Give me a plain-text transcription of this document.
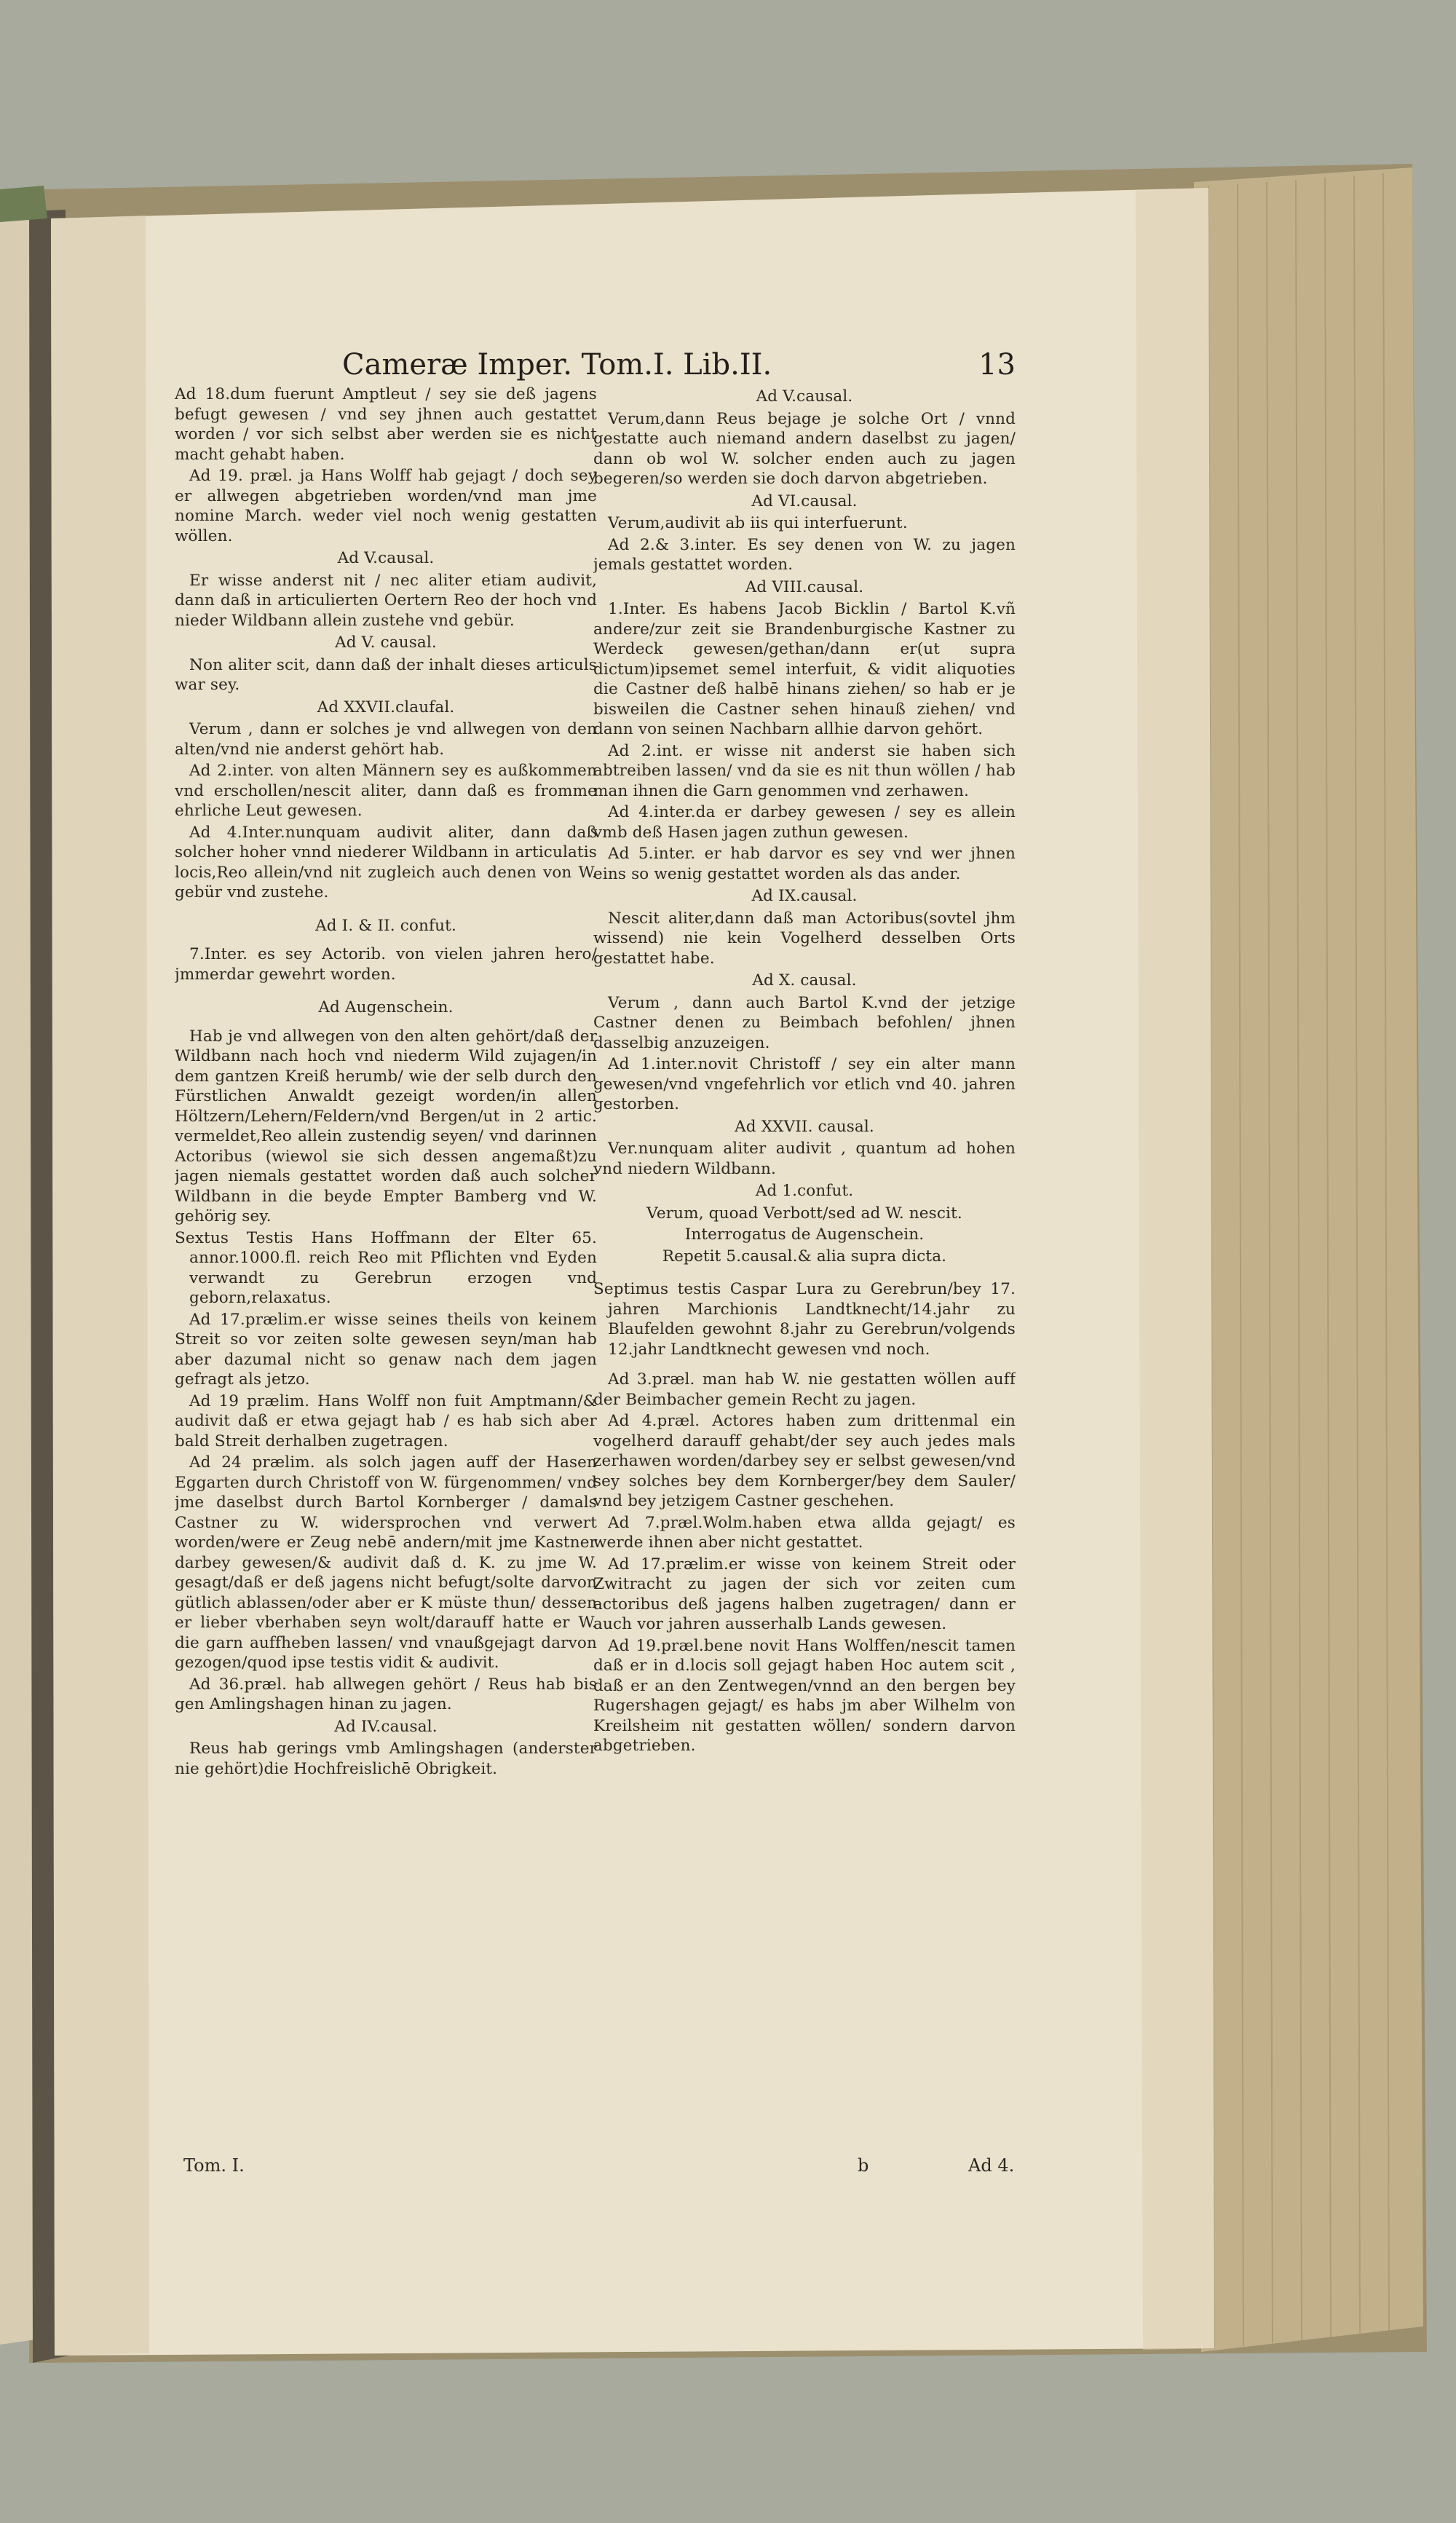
Cameræ Imper. Tom.I. Lib.II.	13

Ad 18.dum fuerunt Amptleut / sey sie deß jagens befugt gewesen / vnd sey jhnen auch gestattet worden / vor sich selbst aber werden sie es nicht macht gehabt haben.

Ad 19. præl. ja Hans Wolff hab gejagt / doch sey er allwegen abgetrieben worden/vnd man jme nomine March. weder viel noch wenig gestatten wöllen.

Ad V.causal.

Er wisse anderst nit / nec aliter etiam audivit, dann daß in articulierten Oertern Reo der hoch vnd nieder Wildbann allein zustehe vnd gebür.

Ad V. causal.

Non aliter scit, dann daß der inhalt dieses articuls war sey.

Ad XXVII.claufal.

Verum , dann er solches je vnd allwegen von den alten/vnd nie anderst gehört hab.

Ad 2.inter. von alten Männern sey es außkommen vnd erschollen/nescit aliter, dann daß es fromme ehrliche Leut gewesen.

Ad 4.Inter.nunquam audivit aliter, dann daß solcher hoher vnnd niederer Wildbann in articulatis locis,Reo allein/vnd nit zugleich auch denen von W. gebür vnd zustehe.

Ad I. & II. confut.

7.Inter. es sey Actorib. von vielen jahren hero/ jmmerdar gewehrt worden.

Ad Augenschein.

Hab je vnd allwegen von den alten gehört/daß der Wildbann nach hoch vnd niederm Wild zujagen/in dem gantzen Kreiß herumb/ wie der selb durch den Fürstlichen Anwaldt gezeigt worden/in allen Höltzern/Lehern/Feldern/vnd Bergen/ut in 2 artic. vermeldet,Reo allein zustendig seyen/ vnd darinnen Actoribus (wiewol sie sich dessen angemaßt)zu jagen niemals gestattet worden daß auch solcher Wildbann in die beyde Empter Bamberg vnd W. gehörig sey.

Sextus Testis Hans Hoffmann der Elter 65. annor.1000.fl. reich Reo mit Pflichten vnd Eyden verwandt zu Gerebrun erzogen vnd geborn,relaxatus.

Ad 17.prælim.er wisse seines theils von keinem Streit so vor zeiten solte gewesen seyn/man hab aber dazumal nicht so genaw nach dem jagen gefragt als jetzo.

Ad 19 prælim. Hans Wolff non fuit Amptmann/& audivit daß er etwa gejagt hab / es hab sich aber bald Streit derhalben zugetragen.

Ad 24 prælim. als solch jagen auff der Hasen Eggarten durch Christoff von W. fürgenommen/ vnd jme daselbst durch Bartol Kornberger / damals Castner zu W. widersprochen vnd verwert worden/were er Zeug nebē andern/mit jme Kastner darbey gewesen/& audivit daß d. K. zu jme W. gesagt/daß er deß jagens nicht befugt/solte darvon gütlich ablassen/oder aber er K müste thun/ dessen er lieber vberhaben seyn wolt/darauff hatte er W. die garn auffheben lassen/ vnd vnaußgejagt darvon gezogen/quod ipse testis vidit & audivit.

Ad 36.præl. hab allwegen gehört / Reus hab bis gen Amlingshagen hinan zu jagen.

Ad IV.causal.

Reus hab gerings vmb Amlingshagen (anderster nie gehört)die Hochfreislichē Obrigkeit.

Ad V.causal.

Verum,dann Reus bejage je solche Ort / vnnd gestatte auch niemand andern daselbst zu jagen/ dann ob wol W. solcher enden auch zu jagen begeren/so werden sie doch darvon abgetrieben.

Ad VI.causal.

Verum,audivit ab iis qui interfuerunt.

Ad 2.& 3.inter. Es sey denen von W. zu jagen jemals gestattet worden.

Ad VIII.causal.

1.Inter. Es habens Jacob Bicklin / Bartol K.vñ andere/zur zeit sie Brandenburgische Kastner zu Werdeck gewesen/gethan/dann er(ut supra dictum)ipsemet semel interfuit, & vidit aliquoties die Castner deß halbē hinans ziehen/ so hab er je bisweilen die Castner sehen hinauß ziehen/ vnd dann von seinen Nachbarn allhie darvon gehört.

Ad 2.int. er wisse nit anderst sie haben sich abtreiben lassen/ vnd da sie es nit thun wöllen / hab man ihnen die Garn genommen vnd zerhawen.

Ad 4.inter.da er darbey gewesen / sey es allein vmb deß Hasen jagen zuthun gewesen.

Ad 5.inter. er hab darvor es sey vnd wer jhnen eins so wenig gestattet worden als das ander.

Ad IX.causal.

Nescit aliter,dann daß man Actoribus(sovtel jhm wissend) nie kein Vogelherd desselben Orts gestattet habe.

Ad X. causal.

Verum , dann auch Bartol K.vnd der jetzige Castner denen zu Beimbach befohlen/ jhnen dasselbig anzuzeigen.

Ad 1.inter.novit Christoff / sey ein alter mann gewesen/vnd vngefehrlich vor etlich vnd 40. jahren gestorben.

Ad XXVII. causal.

Ver.nunquam aliter audivit , quantum ad hohen vnd niedern Wildbann.

Ad 1.confut.

Verum, quoad Verbott/sed ad W. nescit.

Interrogatus de Augenschein.

Repetit 5.causal.& alia supra dicta.

Septimus testis Caspar Lura zu Gerebrun/bey 17. jahren Marchionis Landtknecht/14.jahr zu Blaufelden gewohnt 8.jahr zu Gerebrun/volgends 12.jahr Landtknecht gewesen vnd noch.

Ad 3.præl. man hab W. nie gestatten wöllen auff der Beimbacher gemein Recht zu jagen.

Ad 4.præl. Actores haben zum drittenmal ein vogelherd darauff gehabt/der sey auch jedes mals zerhawen worden/darbey sey er selbst gewesen/vnd sey solches bey dem Kornberger/bey dem Sauler/ vnd bey jetzigem Castner geschehen.

Ad 7.præl.Wolm.haben etwa allda gejagt/ es werde ihnen aber nicht gestattet.

Ad 17.prælim.er wisse von keinem Streit oder Zwitracht zu jagen der sich vor zeiten cum actoribus deß jagens halben zugetragen/ dann er auch vor jahren ausserhalb Lands gewesen.

Ad 19.præl.bene novit Hans Wolffen/nescit tamen daß er in d.locis soll gejagt haben Hoc autem scit , daß er an den Zentwegen/vnnd an den bergen bey Rugershagen gejagt/ es habs jm aber Wilhelm von Kreilsheim nit gestatten wöllen/ sondern darvon abgetrieben.

Tom. I.	b	Ad 4.
